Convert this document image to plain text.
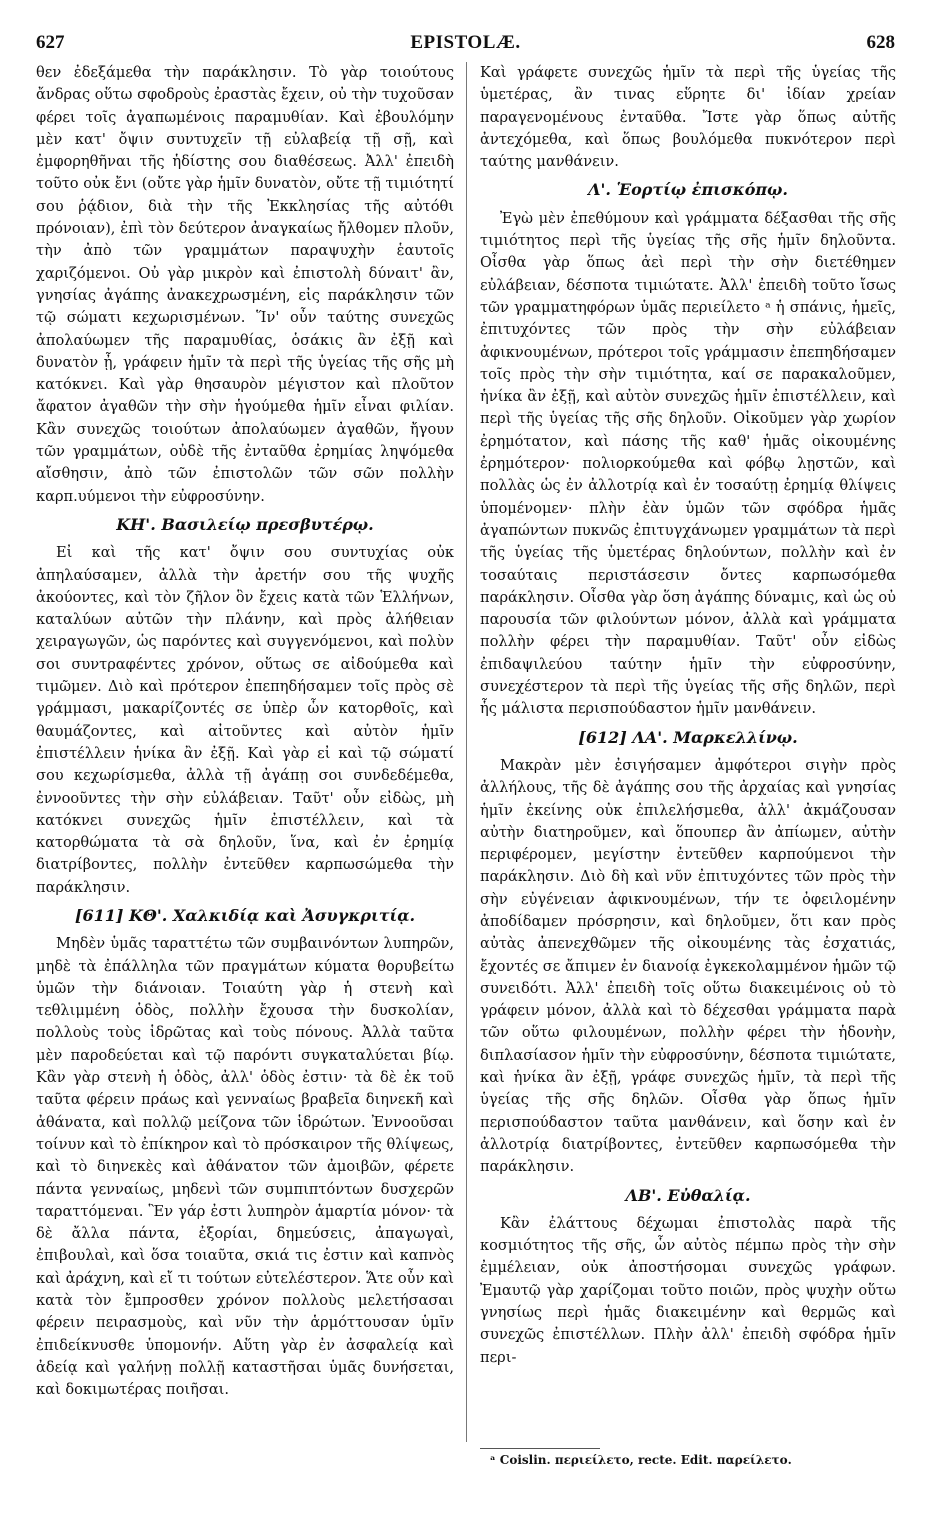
627	EPISTOLÆ.	628

θεν ἐδεξάμεθα τὴν παράκλησιν. Τὸ γὰρ τοιούτους ἄνδρας οὕτω σφοδροὺς ἐραστὰς ἔχειν, οὐ τὴν τυχοῦσαν φέρει τοῖς ἀγαπωμένοις παραμυθίαν. Καὶ ἐβουλόμην μὲν κατ' ὄψιν συντυχεῖν τῇ εὐλαβείᾳ τῇ σῇ, καὶ ἐμφορηθῆναι τῆς ἡδίστης σου διαθέσεως. Ἀλλ' ἐπειδὴ τοῦτο οὐκ ἔνι (οὔτε γὰρ ἡμῖν δυνατὸν, οὔτε τῇ τιμιότητί σου ῥᾴδιον, διὰ τὴν τῆς Ἐκκλησίας τῆς αὐτόθι πρόνοιαν), ἐπὶ τὸν δεύτερον ἀναγκαίως ἤλθομεν πλοῦν, τὴν ἀπὸ τῶν γραμμάτων παραψυχὴν ἑαυτοῖς χαριζόμενοι. Οὐ γὰρ μικρὸν καὶ ἐπιστολὴ δύναιτ' ἂν, γνησίας ἀγάπης ἀνακεχρωσμένη, εἰς παράκλησιν τῶν τῷ σώματι κεχωρισμένων. Ἵν' οὖν ταύτης συνεχῶς ἀπολαύωμεν τῆς παραμυθίας, ὁσάκις ἂν ἐξῇ καὶ δυνατὸν ᾖ, γράφειν ἡμῖν τὰ περὶ τῆς ὑγείας τῆς σῆς μὴ κατόκνει. Καὶ γὰρ θησαυρὸν μέγιστον καὶ πλοῦτον ἄφατον ἀγαθῶν τὴν σὴν ἡγούμεθα ἡμῖν εἶναι φιλίαν. Κἂν συνεχῶς τοιούτων ἀπολαύωμεν ἀγαθῶν, ἤγουν τῶν γραμμάτων, οὐδὲ τῆς ἐνταῦθα ἐρημίας ληψόμεθα αἴσθησιν, ἀπὸ τῶν ἐπιστολῶν τῶν σῶν πολλὴν καρπ.υύμενοι τὴν εὐφροσύνην.

ΚΗ'. Βασιλείῳ πρεσβυτέρῳ.

Εἰ καὶ τῆς κατ' ὄψιν σου συντυχίας οὐκ ἀπηλαύσαμεν, ἀλλὰ τὴν ἀρετήν σου τῆς ψυχῆς ἀκούοντες, καὶ τὸν ζῆλον ὃν ἔχεις κατὰ τῶν Ἑλλήνων, καταλύων αὐτῶν τὴν πλάνην, καὶ πρὸς ἀλήθειαν χειραγωγῶν, ὡς παρόντες καὶ συγγενόμενοι, καὶ πολὺν σοι συντραφέντες χρόνον, οὕτως σε αἰδούμεθα καὶ τιμῶμεν. Διὸ καὶ πρότερον ἐπεπηδήσαμεν τοῖς πρὸς σὲ γράμμασι, μακαρίζοντές σε ὑπὲρ ὧν κατορθοῖς, καὶ θαυμάζοντες, καὶ αἰτοῦντες καὶ αὐτὸν ἡμῖν ἐπιστέλλειν ἡνίκα ἂν ἐξῇ. Καὶ γὰρ εἰ καὶ τῷ σώματί σου κεχωρίσμεθα, ἀλλὰ τῇ ἀγάπῃ σοι συνδεδέμεθα, ἐννοοῦντες τὴν σὴν εὐλάβειαν. Ταῦτ' οὖν εἰδὼς, μὴ κατόκνει συνεχῶς ἡμῖν ἐπιστέλλειν, καὶ τὰ κατορθώματα τὰ σὰ δηλοῦν, ἵνα, καὶ ἐν ἐρημίᾳ διατρίβοντες, πολλὴν ἐντεῦθεν καρπωσώμεθα τὴν παράκλησιν.

[611] ΚΘ'. Χαλκιδίᾳ καὶ Ἀσυγκριτίᾳ.

Μηδὲν ὑμᾶς ταραττέτω τῶν συμβαινόντων λυπηρῶν, μηδὲ τὰ ἐπάλληλα τῶν πραγμάτων κύματα θορυβείτω ὑμῶν τὴν διάνοιαν. Τοιαύτη γὰρ ἡ στενὴ καὶ τεθλιμμένη ὁδὸς, πολλὴν ἔχουσα τὴν δυσκολίαν, πολλοὺς τοὺς ἱδρῶτας καὶ τοὺς πόνους. Ἀλλὰ ταῦτα μὲν παροδεύεται καὶ τῷ παρόντι συγκαταλύεται βίῳ. Κἂν γὰρ στενὴ ἡ ὁδὸς, ἀλλ' ὁδὸς ἐστιν· τὰ δὲ ἐκ τοῦ ταῦτα φέρειν πράως καὶ γενναίως βραβεῖα διηνεκῆ καὶ ἀθάνατα, καὶ πολλῷ μείζονα τῶν ἱδρώτων. Ἐννοοῦσαι τοίνυν καὶ τὸ ἐπίκηρον καὶ τὸ πρόσκαιρον τῆς θλίψεως, καὶ τὸ διηνεκὲς καὶ ἀθάνατον τῶν ἀμοιβῶν, φέρετε πάντα γενναίως, μηδενὶ τῶν συμπιπτόντων δυσχερῶν ταραττόμεναι. Ἓν γάρ ἐστι λυπηρὸν ἁμαρτία μόνον· τὰ δὲ ἄλλα πάντα, ἐξορίαι, δημεύσεις, ἀπαγωγαὶ, ἐπιβουλαὶ, καὶ ὅσα τοιαῦτα, σκιά τις ἐστιν καὶ καπνὸς καὶ ἀράχνη, καὶ εἴ τι τούτων εὐτελέστερον. Ἅτε οὖν καὶ κατὰ τὸν ἔμπροσθεν χρόνον πολλοὺς μελετήσασαι φέρειν πειρασμοὺς, καὶ νῦν τὴν ἁρμόττουσαν ὑμῖν ἐπιδείκνυσθε ὑπομονήν. Αὕτη γὰρ ἐν ἀσφαλείᾳ καὶ ἀδείᾳ καὶ γαλήνῃ πολλῇ καταστῆσαι ὑμᾶς δυνήσεται, καὶ δοκιμωτέρας ποιῆσαι.

Καὶ γράφετε συνεχῶς ἡμῖν τὰ περὶ τῆς ὑγείας τῆς ὑμετέρας, ἂν τινας εὕρητε δι' ἰδίαν χρείαν παραγενομένους ἐνταῦθα. Ἴστε γὰρ ὅπως αὐτῆς ἀντεχόμεθα, καὶ ὅπως βουλόμεθα πυκνότερον περὶ ταύτης μανθάνειν.

Λ'. Ἑορτίῳ ἐπισκόπῳ.

Ἐγὼ μὲν ἐπεθύμουν καὶ γράμματα δέξασθαι τῆς σῆς τιμιότητος περὶ τῆς ὑγείας τῆς σῆς ἡμῖν δηλοῦντα. Οἶσθα γὰρ ὅπως ἀεὶ περὶ τὴν σὴν διετέθημεν εὐλάβειαν, δέσποτα τιμιώτατε. Ἀλλ' ἐπειδὴ τοῦτο ἴσως τῶν γραμματηφόρων ὑμᾶς περιείλετο ᵃ ἡ σπάνις, ἡμεῖς, ἐπιτυχόντες τῶν πρὸς τὴν σὴν εὐλάβειαν ἀφικνουμένων, πρότεροι τοῖς γράμμασιν ἐπεπηδήσαμεν τοῖς πρὸς τὴν σὴν τιμιότητα, καί σε παρακαλοῦμεν, ἡνίκα ἂν ἐξῇ, καὶ αὐτὸν συνεχῶς ἡμῖν ἐπιστέλλειν, καὶ περὶ τῆς ὑγείας τῆς σῆς δηλοῦν. Οἰκοῦμεν γὰρ χωρίον ἐρημότατον, καὶ πάσης τῆς καθ' ἡμᾶς οἰκουμένης ἐρημότερον· πολιορκούμεθα καὶ φόβῳ λῃστῶν, καὶ πολλὰς ὡς ἐν ἀλλοτρίᾳ καὶ ἐν τοσαύτῃ ἐρημίᾳ θλίψεις ὑπομένομεν· πλὴν ἐὰν ὑμῶν τῶν σφόδρα ἡμᾶς ἀγαπώντων πυκνῶς ἐπιτυγχάνωμεν γραμμάτων τὰ περὶ τῆς ὑγείας τῆς ὑμετέρας δηλούντων, πολλὴν καὶ ἐν τοσαύταις περιστάσεσιν ὄντες καρπωσόμεθα παράκλησιν. Οἶσθα γὰρ ὅση ἀγάπης δύναμις, καὶ ὡς οὐ παρουσία τῶν φιλούντων μόνον, ἀλλὰ καὶ γράμματα πολλὴν φέρει τὴν παραμυθίαν. Ταῦτ' οὖν εἰδὼς ἐπιδαψιλεύου ταύτην ἡμῖν τὴν εὐφροσύνην, συνεχέστερον τὰ περὶ τῆς ὑγείας τῆς σῆς δηλῶν, περὶ ἧς μάλιστα περισπούδαστον ἡμῖν μανθάνειν.

[612] ΛΑ'. Μαρκελλίνῳ.

Μακρὰν μὲν ἐσιγήσαμεν ἀμφότεροι σιγὴν πρὸς ἀλλήλους, τῆς δὲ ἀγάπης σου τῆς ἀρχαίας καὶ γνησίας ἡμῖν ἐκείνης οὐκ ἐπιλελήσμεθα, ἀλλ' ἀκμάζουσαν αὐτὴν διατηροῦμεν, καὶ ὅπουπερ ἂν ἀπίωμεν, αὐτὴν περιφέρομεν, μεγίστην ἐντεῦθεν καρπούμενοι τὴν παράκλησιν. Διὸ δὴ καὶ νῦν ἐπιτυχόντες τῶν πρὸς τὴν σὴν εὐγένειαν ἀφικνουμένων, τήν τε ὀφειλομένην ἀποδίδαμεν πρόσρησιν, καὶ δηλοῦμεν, ὅτι καν πρὸς αὐτὰς ἀπενεχθῶμεν τῆς οἰκουμένης τὰς ἐσχατιάς, ἔχοντές σε ἄπιμεν ἐν διανοίᾳ ἐγκεκολαμμένον ἡμῶν τῷ συνειδότι. Ἀλλ' ἐπειδὴ τοῖς οὕτω διακειμένοις οὐ τὸ γράφειν μόνον, ἀλλὰ καὶ τὸ δέχεσθαι γράμματα παρὰ τῶν οὕτω φιλουμένων, πολλὴν φέρει τὴν ἡδονὴν, διπλασίασον ἡμῖν τὴν εὐφροσύνην, δέσποτα τιμιώτατε, καὶ ἡνίκα ἂν ἐξῇ, γράφε συνεχῶς ἡμῖν, τὰ περὶ τῆς ὑγείας τῆς σῆς δηλῶν. Οἶσθα γὰρ ὅπως ἡμῖν περισπούδαστον ταῦτα μανθάνειν, καὶ ὅσην καὶ ἐν ἀλλοτρίᾳ διατρίβοντες, ἐντεῦθεν καρπωσόμεθα τὴν παράκλησιν.

ΛΒ'. Εὐθαλίᾳ.

Κἂν ἐλάττους δέχωμαι ἐπιστολὰς παρὰ τῆς κοσμιότητος τῆς σῆς, ὧν αὐτὸς πέμπω πρὸς τὴν σὴν ἐμμέλειαν, οὐκ ἀποστήσομαι συνεχῶς γράφων. Ἐμαυτῷ γὰρ χαρίζομαι τοῦτο ποιῶν, πρὸς ψυχὴν οὕτω γνησίως περὶ ἡμᾶς διακειμένην καὶ θερμῶς καὶ συνεχῶς ἐπιστέλλων. Πλὴν ἀλλ' ἐπειδὴ σφόδρα ἡμῖν περι-

ᵃ Coislin. περιείλετο, recte. Edit. παρείλετο.
